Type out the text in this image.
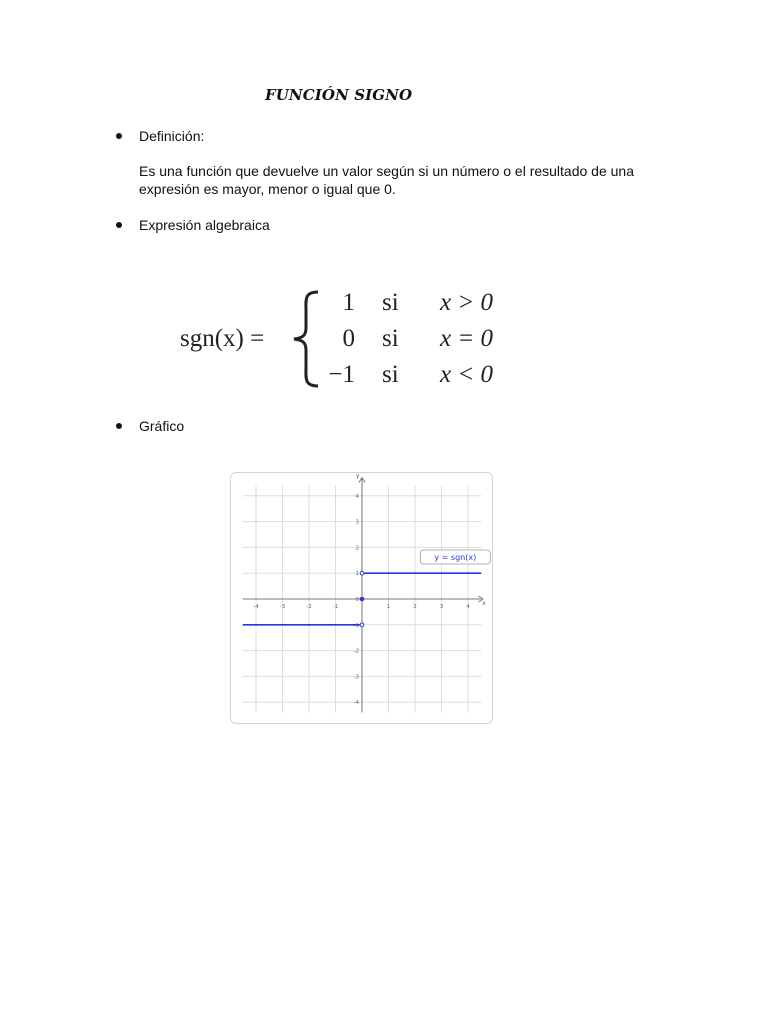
FUNCIÓN SIGNO
Definición:
Es una función que devuelve un valor según si un número o el resultado de una expresión es mayor, menor o igual que 0.
Expresión algebraica
sgn(x) =
1 si x > 0
0 si x = 0
−1 si x < 0
Gráfico
x
y
-4	-3	-2	-1	1	2	3	4
4
3
2
1
-1
-2
-3
-4
0
y = sgn(x)
